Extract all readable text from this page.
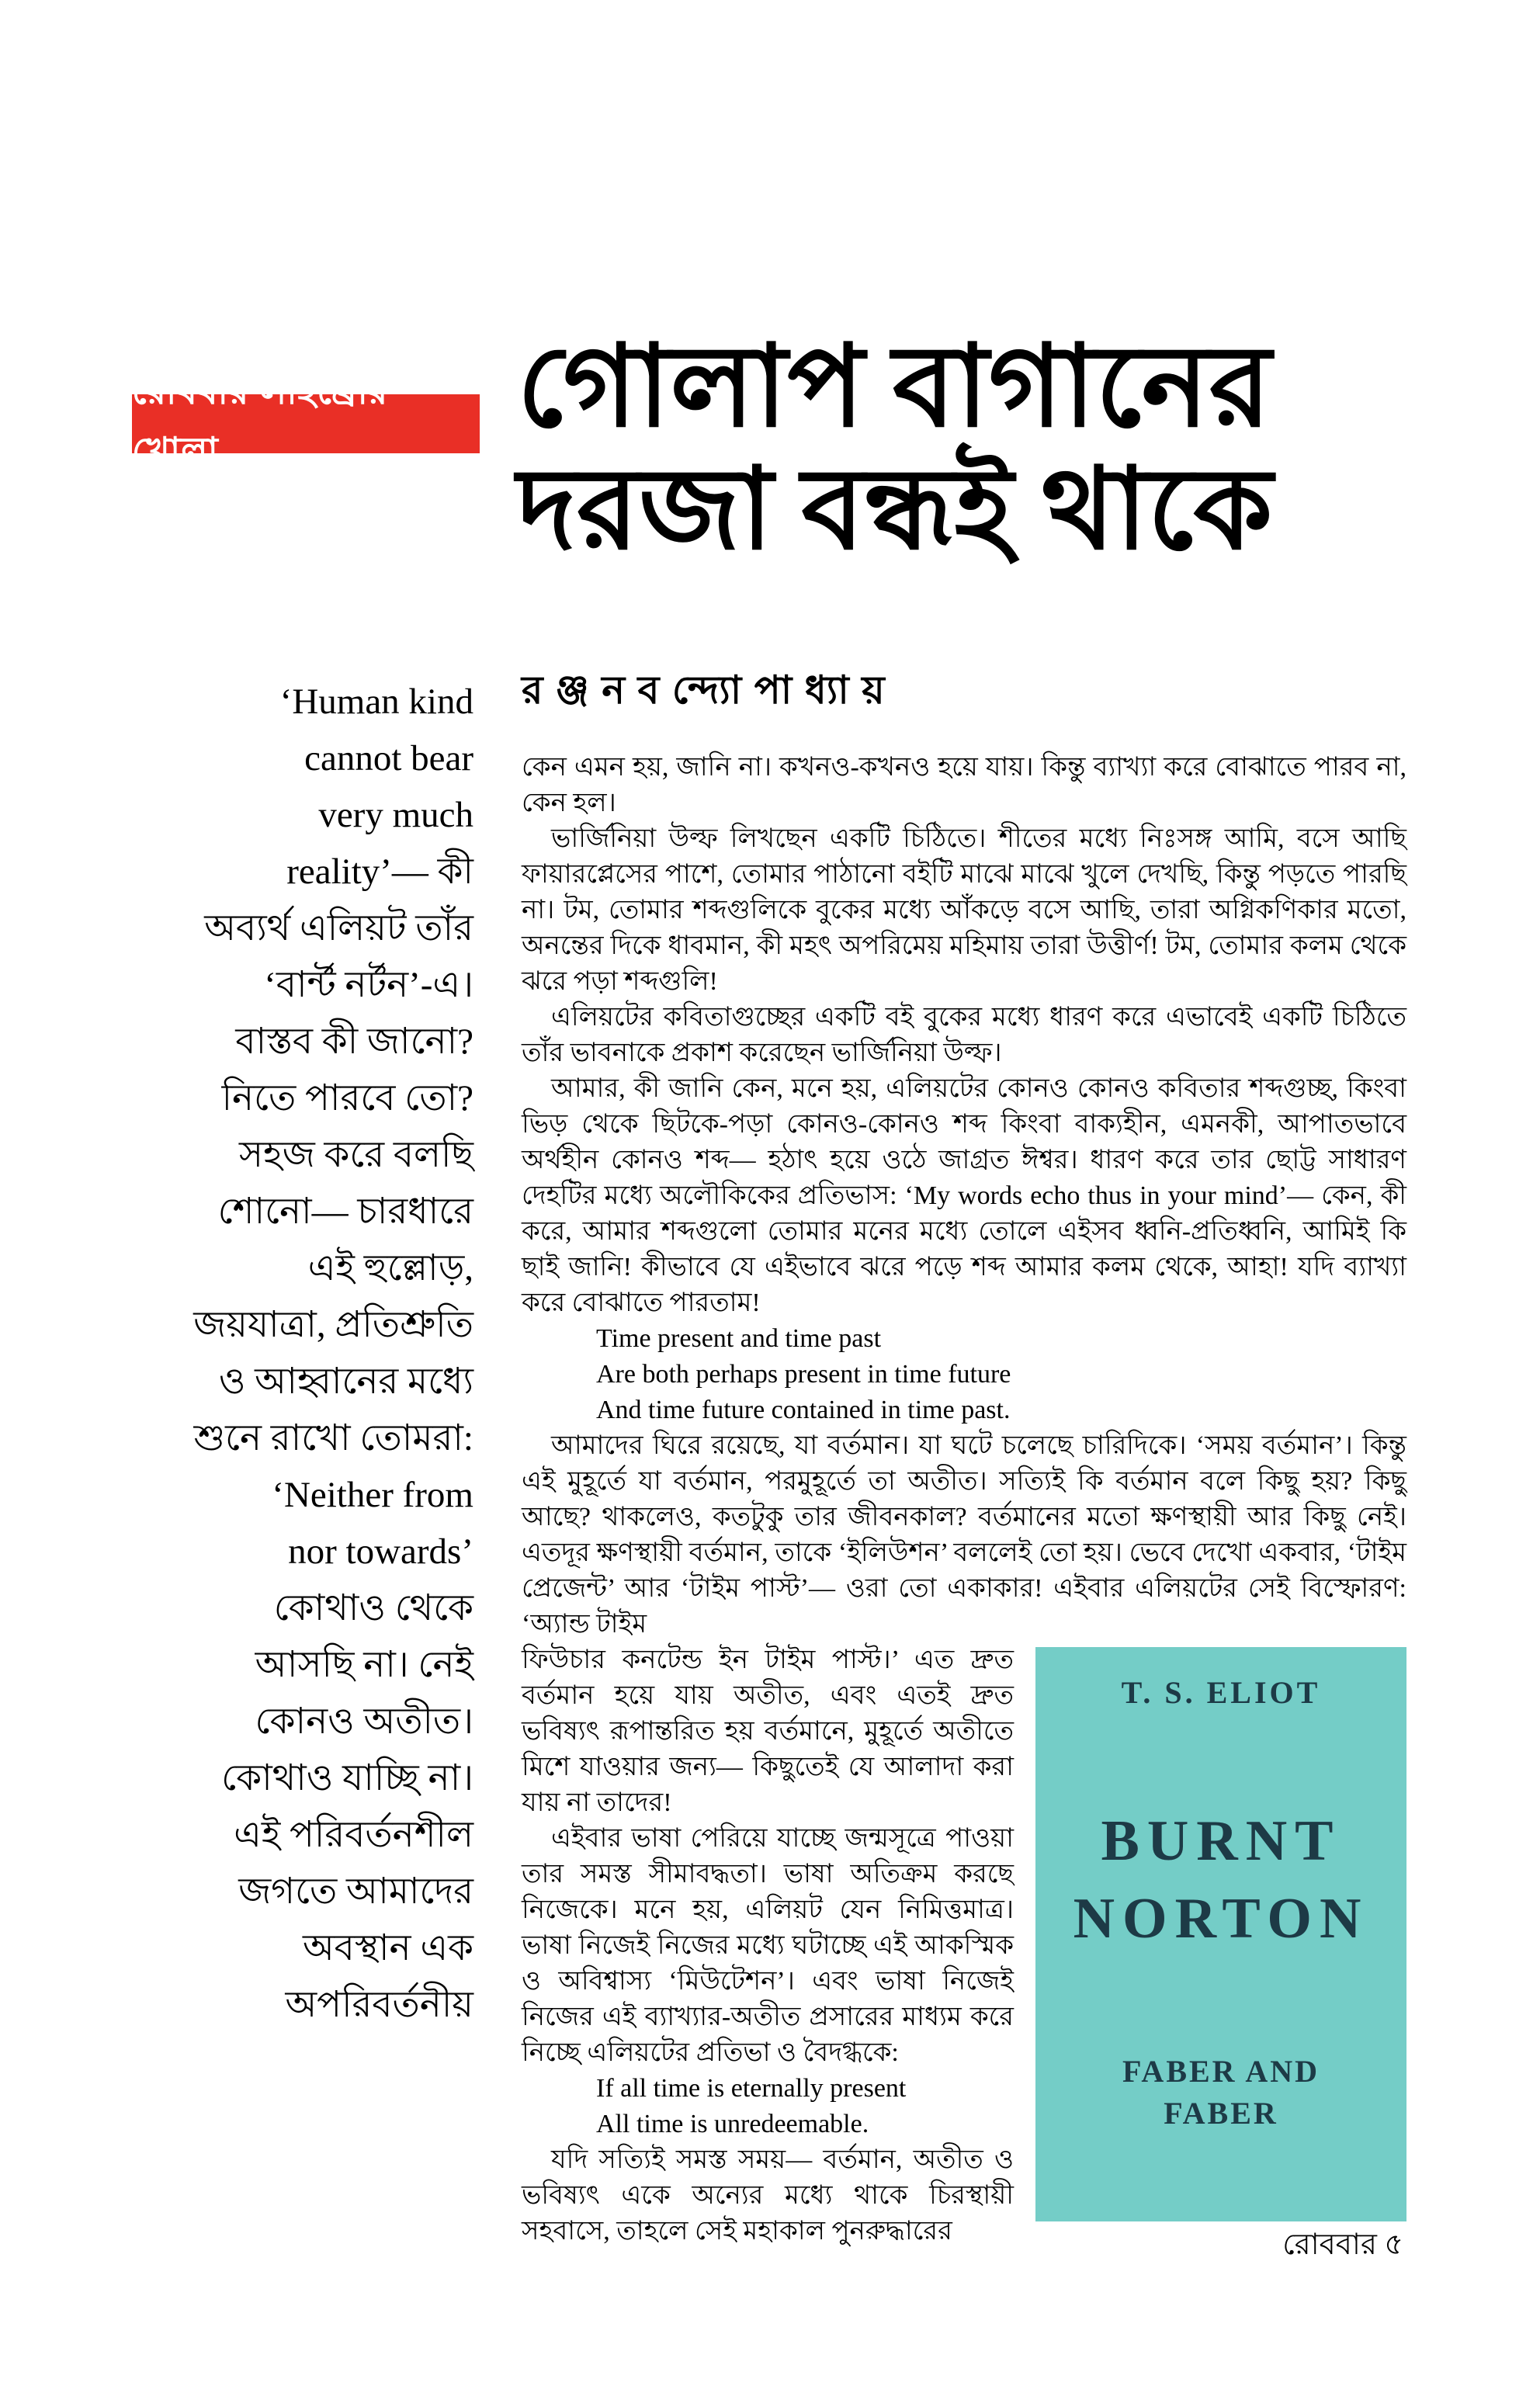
রোববার লাইব্রেরি খোলা	গোলাপ বাগানের
দরজা বন্ধই থাকে
র ঞ্জ ন ব ন্দ্যো পা ধ্যা য়
‘Human kind
cannot bear
very much
reality’— কী
অব্যর্থ এলিয়ট তাঁর
‘বার্ন্ট নর্টন’-এ।
বাস্তব কী জানো?
নিতে পারবে তো?
সহজ করে বলছি
শোনো— চারধারে
এই হুল্লোড়,
জয়যাত্রা, প্রতিশ্রুতি
ও আহ্বানের মধ্যে
শুনে রাখো তোমরা:
‘Neither from
nor towards’
কোথাও থেকে
আসছি না। নেই
কোনও অতীত।
কোথাও যাচ্ছি না।
এই পরিবর্তনশীল
জগতে আমাদের
অবস্থান এক
অপরিবর্তনীয়

কেন এমন হয়, জানি না। কখনও-কখনও হয়ে যায়। কিন্তু ব্যাখ্যা করে বোঝাতে পারব না, কেন হল।

ভার্জিনিয়া উল্ফ লিখছেন একটি চিঠিতে। শীতের মধ্যে নিঃসঙ্গ আমি, বসে আছি ফায়ারপ্লেসের পাশে, তোমার পাঠানো বইটি মাঝে মাঝে খুলে দেখছি, কিন্তু পড়তে পারছি না। টম, তোমার শব্দগুলিকে বুকের মধ্যে আঁকড়ে বসে আছি, তারা অগ্নিকণিকার মতো, অনন্তের দিকে ধাবমান, কী মহৎ অপরিমেয় মহিমায় তারা উত্তীর্ণ! টম, তোমার কলম থেকে ঝরে পড়া শব্দগুলি!

এলিয়টের কবিতাগুচ্ছের একটি বই বুকের মধ্যে ধারণ করে এভাবেই একটি চিঠিতে তাঁর ভাবনাকে প্রকাশ করেছেন ভার্জিনিয়া উল্ফ।

আমার, কী জানি কেন, মনে হয়, এলিয়টের কোনও কোনও কবিতার শব্দগুচ্ছ, কিংবা ভিড় থেকে ছিটকে-পড়া কোনও-কোনও শব্দ কিংবা বাক্যহীন, এমনকী, আপাতভাবে অর্থহীন কোনও শব্দ— হঠাৎ হয়ে ওঠে জাগ্রত ঈশ্বর। ধারণ করে তার ছোট্ট সাধারণ দেহটির মধ্যে অলৌকিকের প্রতিভাস: ‘My words echo thus in your mind’— কেন, কী করে, আমার শব্দগুলো তোমার মনের মধ্যে তোলে এইসব ধ্বনি-প্রতিধ্বনি, আমিই কি ছাই জানি! কীভাবে যে এইভাবে ঝরে পড়ে শব্দ আমার কলম থেকে, আহা! যদি ব্যাখ্যা করে বোঝাতে পারতাম!

Time present and time past
Are both perhaps present in time future
And time future contained in time past.

আমাদের ঘিরে রয়েছে, যা বর্তমান। যা ঘটে চলেছে চারিদিকে। ‘সময় বর্তমান’। কিন্তু এই মুহূর্তে যা বর্তমান, পরমুহূর্তে তা অতীত। সত্যিই কি বর্তমান বলে কিছু হয়? কিছু আছে? থাকলেও, কতটুকু তার জীবনকাল? বর্তমানের মতো ক্ষণস্থায়ী আর কিছু নেই। এতদূর ক্ষণস্থায়ী বর্তমান, তাকে ‘ইলিউশন’ বললেই তো হয়। ভেবে দেখো একবার, ‘টাইম প্রেজেন্ট’ আর ‘টাইম পাস্ট’— ওরা তো একাকার! এইবার এলিয়টের সেই বিস্ফোরণ: ‘অ্যান্ড টাইম

T. S. ELIOT
BURNT
NORTON
FABER AND
FABER

ফিউচার কনটেন্ড ইন টাইম পাস্ট।’ এত দ্রুত বর্তমান হয়ে যায় অতীত, এবং এতই দ্রুত ভবিষ্যৎ রূপান্তরিত হয় বর্তমানে, মুহূর্তে অতীতে মিশে যাওয়ার জন্য— কিছুতেই যে আলাদা করা যায় না তাদের!

এইবার ভাষা পেরিয়ে যাচ্ছে জন্মসূত্রে পাওয়া তার সমস্ত সীমাবদ্ধতা। ভাষা অতিক্রম করছে নিজেকে। মনে হয়, এলিয়ট যেন নিমিত্তমাত্র। ভাষা নিজেই নিজের মধ্যে ঘটাচ্ছে এই আকস্মিক ও অবিশ্বাস্য ‘মিউটেশন’। এবং ভাষা নিজেই নিজের এই ব্যাখ্যার-অতীত প্রসারের মাধ্যম করে নিচ্ছে এলিয়টের প্রতিভা ও বৈদগ্ধকে:

If all time is eternally present
All time is unredeemable.

যদি সত্যিই সমস্ত সময়— বর্তমান, অতীত ও ভবিষ্যৎ একে অন্যের মধ্যে থাকে চিরস্থায়ী সহবাসে, তাহলে সেই মহাকাল পুনরুদ্ধারের	রোববার ৫
